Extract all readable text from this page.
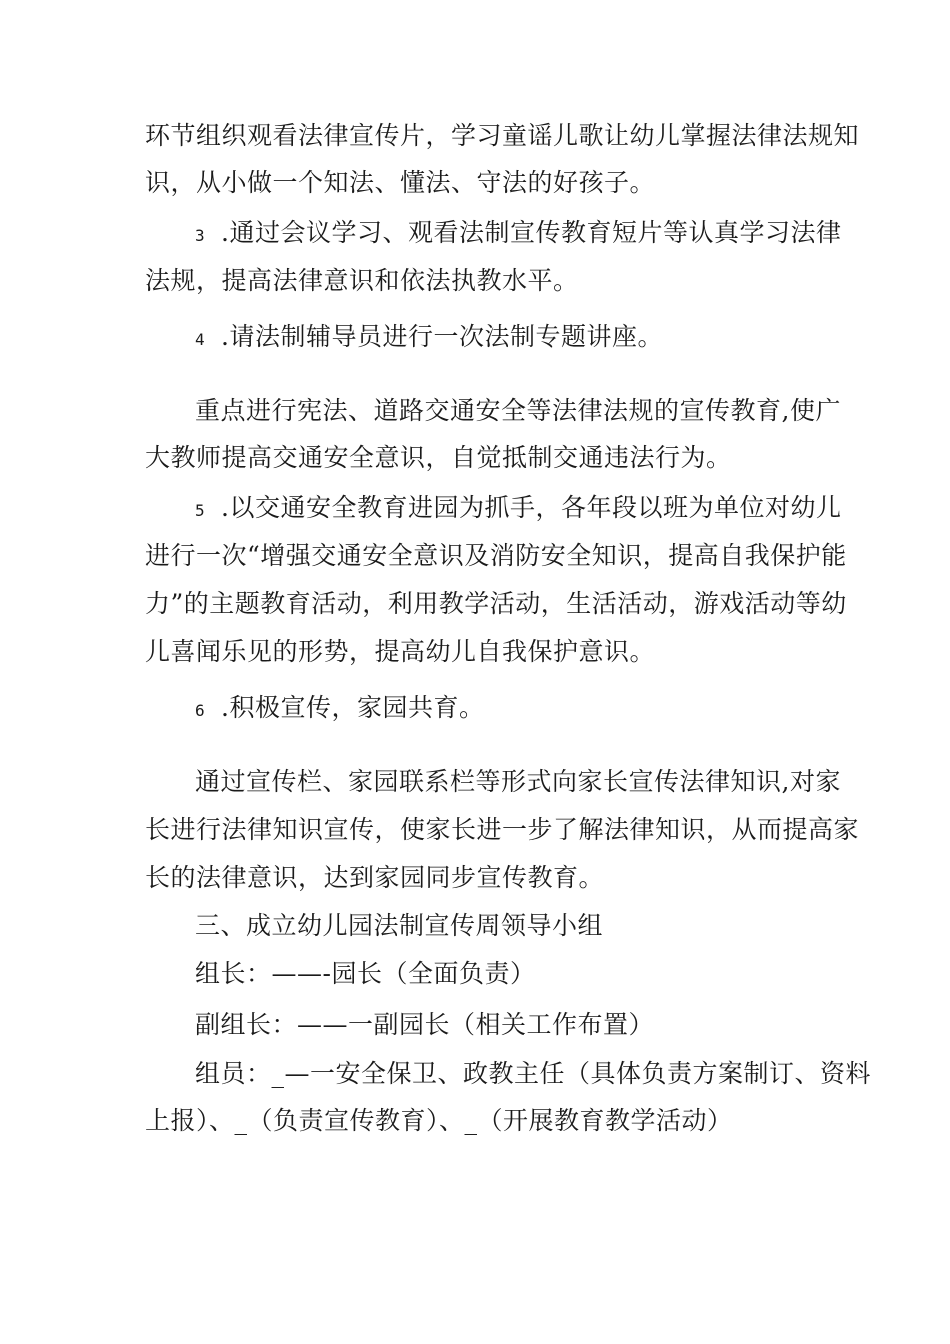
环节组织观看法律宣传片，学习童谣儿歌让幼儿掌握法律法规知
识，从小做一个知法、懂法、守法的好孩子。
3 .通过会议学习、观看法制宣传教育短片等认真学习法律
法规，提高法律意识和依法执教水平。
4 .请法制辅导员进行一次法制专题讲座。
重点进行宪法、道路交通安全等法律法规的宣传教育,使广
大教师提高交通安全意识，自觉抵制交通违法行为。
5 .以交通安全教育进园为抓手，各年段以班为单位对幼儿
进行一次“增强交通安全意识及消防安全知识，提高自我保护能
力”的主题教育活动，利用教学活动，生活活动，游戏活动等幼
儿喜闻乐见的形势，提高幼儿自我保护意识。
6 .积极宣传，家园共育。
通过宣传栏、家园联系栏等形式向家长宣传法律知识,对家
长进行法律知识宣传，使家长进一步了解法律知识，从而提高家
长的法律意识，达到家园同步宣传教育。
三、成立幼儿园法制宣传周领导小组
组长：——-园长（全面负责）
副组长：——一副园长（相关工作布置）
组员：_—一安全保卫、政教主任（具体负责方案制订、资料
上报）、_（负责宣传教育）、_（开展教育教学活动）
